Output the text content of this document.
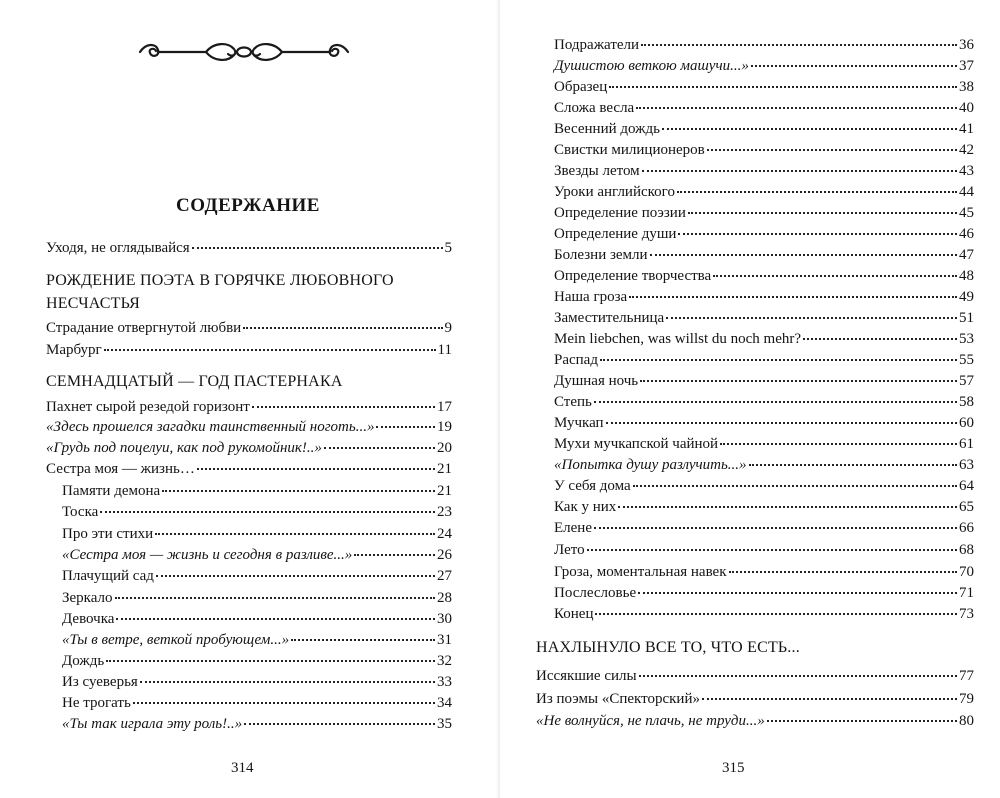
СОДЕРЖАНИЕ
Уходя, не оглядывайся	5
РОЖДЕНИЕ ПОЭТА В ГОРЯЧКЕ ЛЮБОВНОГО
НЕСЧАСТЬЯ
Страдание отвергнутой любви	9
Марбург	11
СЕМНАДЦАТЫЙ — ГОД ПАСТЕРНАКА
Пахнет сырой резедой горизонт	17
«Здесь прошелся загадки таинственный ноготь...»	19
«Грудь под поцелуи, как под рукомойник!..»	20
Сестра моя — жизнь…	21
Памяти демона	21
Тоска	23
Про эти стихи	24
«Сестра моя — жизнь и сегодня в разливе...»	26
Плачущий сад	27
Зеркало	28
Девочка	30
«Ты в ветре, веткой пробующем...»	31
Дождь	32
Из суеверья	33
Не трогать	34
«Ты так играла эту роль!..»	35
314
Подражатели	36
Душистою веткою машучи...»	37
Образец	38
Сложа весла	40
Весенний дождь	41
Свистки милиционеров	42
Звезды летом	43
Уроки английского	44
Определение поэзии	45
Определение души	46
Болезни земли	47
Определение творчества	48
Наша гроза	49
Заместительница	51
Mein liebchen, was willst du noch mehr?	53
Распад	55
Душная ночь	57
Степь	58
Мучкап	60
Мухи мучкапской чайной	61
«Попытка душу разлучить...»	63
У себя дома	64
Как у них	65
Елене	66
Лето	68
Гроза, моментальная навек	70
Послесловье	71
Конец	73
НАХЛЫНУЛО ВСЕ ТО, ЧТО ЕСТЬ...
Иссякшие силы	77
Из поэмы «Спекторский»	79
«Не волнуйся, не плачь, не труди...»	80
315
